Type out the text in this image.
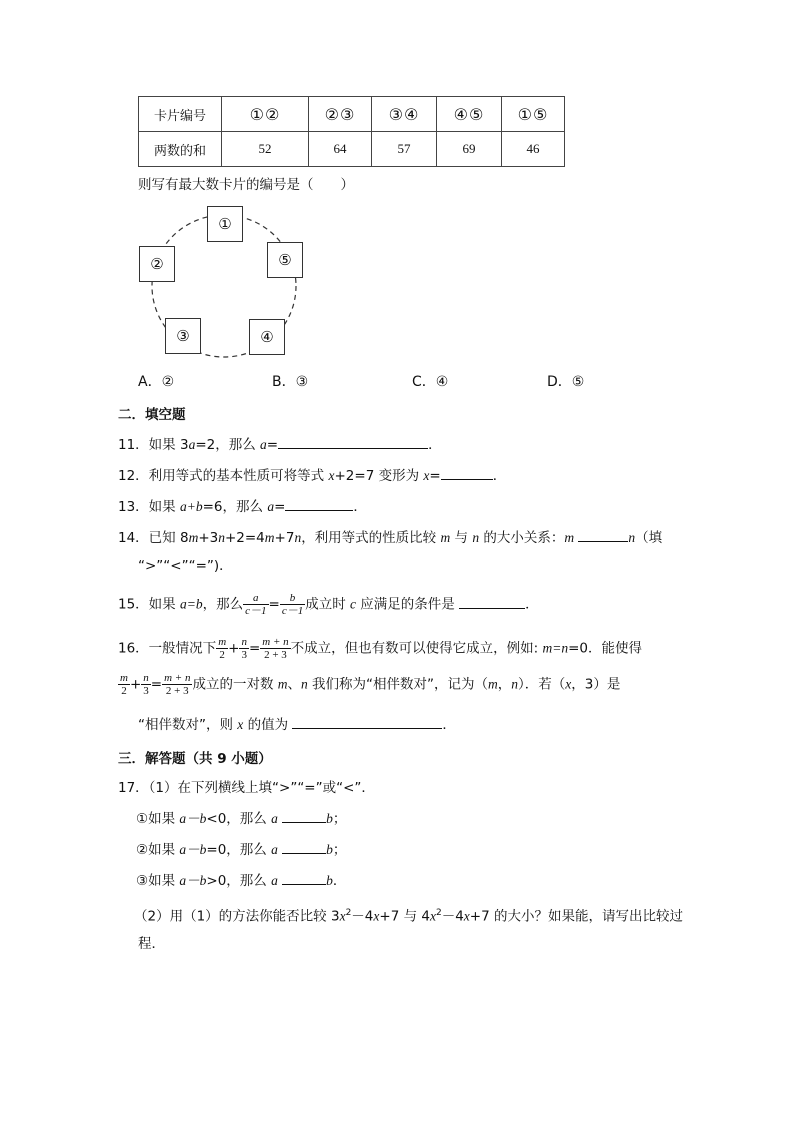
卡片编号	①②	②③	③④	④⑤	①⑤
两数的和	52	64	57	69	46
则写有最大数卡片的编号是（　　）
①
②	⑤
③	④
A．②	B．③	C．④	D．⑤
二．填空题
11．如果 3a=2，那么 a=	．
12．利用等式的基本性质可将等式 x+2=7 变形为 x=	．
13．如果 a+b=6，那么 a=	．
14．已知 8m+3n+2=4m+7n，利用等式的性质比较 m 与 n 的大小关系：m	n（填
“>”“<”“=”)．
15．如果 a=b，那么 $\frac{a}{c-1} = \frac{b}{c-1}$ 成立时 c 应满足的条件是	．
16．一般情况下 $\frac{m}{2} + \frac{n}{3} = \frac{m + n}{2 + 3}$ 不成立，但也有数可以使得它成立，例如: m=n=0．能使得
$\frac{m}{2} + \frac{n}{3} = \frac{m + n}{2 + 3}$ 成立的一对数 m、n 我们称为“相伴数对”，记为（m，n）．若（x，3）是
“相伴数对”，则 x 的值为	．
三．解答题（共 9 小题）
17．（1）在下列横线上填“>”“=”或“<”．
①如果 a－b<0，那么 a	b；
②如果 a－b=0，那么 a	b；
③如果 a－b>0，那么 a	b．
（2）用（1）的方法你能否比较 $3x^2-4x+7$ 与 $4x^2-4x+7$ 的大小？如果能，请写出比较过
程．
